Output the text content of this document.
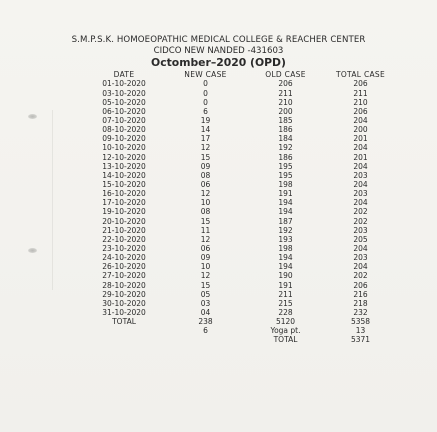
S.M.P.S.K. HOMOEOPATHIC MEDICAL COLLEGE & REACHER CENTER
CIDCO NEW NANDED -431603
Octomber–2020 (OPD)
DATE	NEW CASE	OLD CASE	TOTAL CASE
01-10-2020	0	206	206
03-10-2020	0	211	211
05-10-2020	0	210	210
06-10-2020	6	200	206
07-10-2020	19	185	204
08-10-2020	14	186	200
09-10-2020	17	184	201
10-10-2020	12	192	204
12-10-2020	15	186	201
13-10-2020	09	195	204
14-10-2020	08	195	203
15-10-2020	06	198	204
16-10-2020	12	191	203
17-10-2020	10	194	204
19-10-2020	08	194	202
20-10-2020	15	187	202
21-10-2020	11	192	203
22-10-2020	12	193	205
23-10-2020	06	198	204
24-10-2020	09	194	203
26-10-2020	10	194	204
27-10-2020	12	190	202
28-10-2020	15	191	206
29-10-2020	05	211	216
30-10-2020	03	215	218
31-10-2020	04	228	232
TOTAL	238	5120	5358
	6	Yoga pt.	13
		TOTAL	5371
